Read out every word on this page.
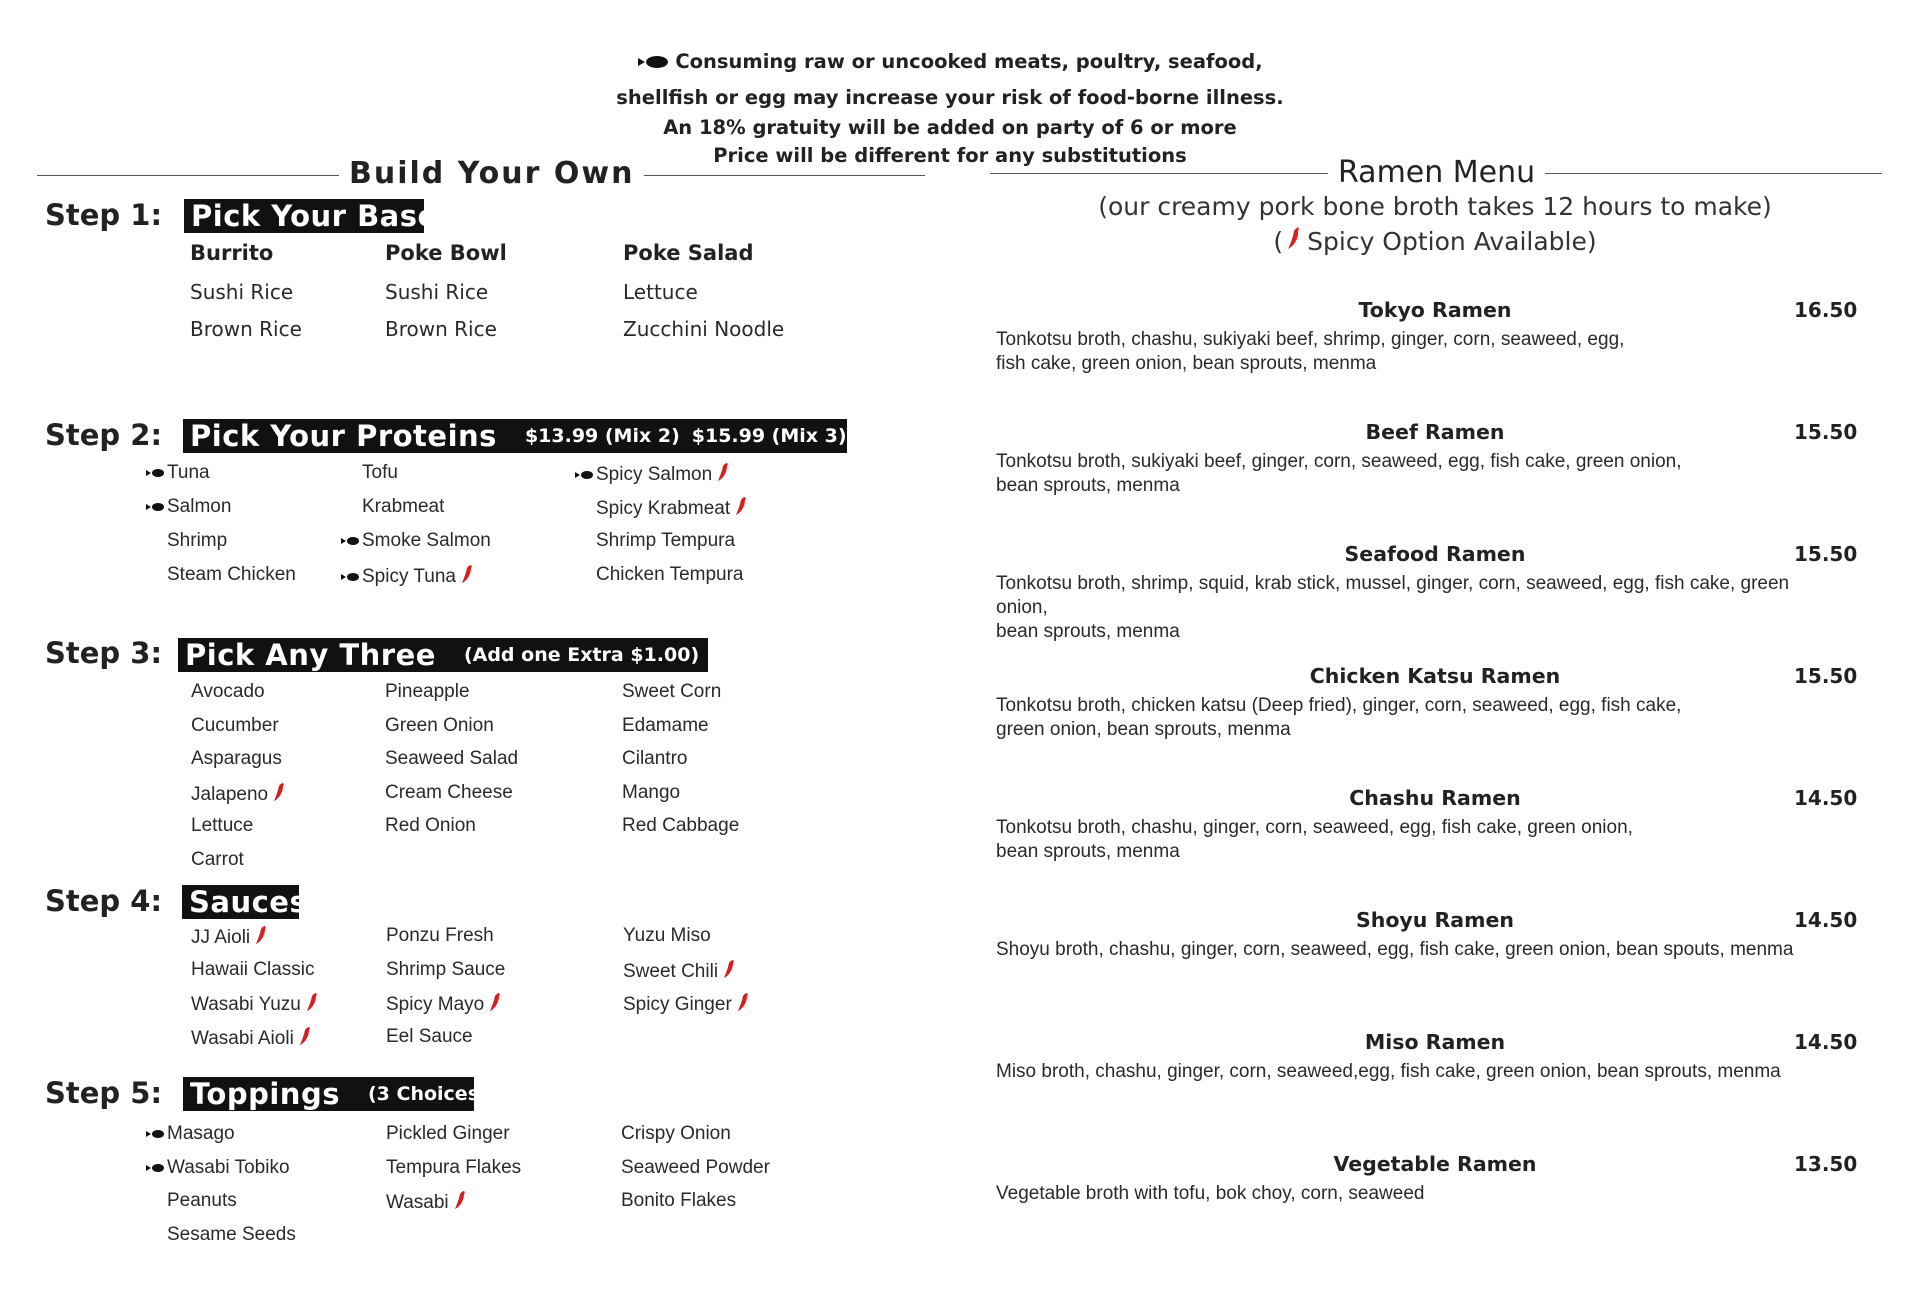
Consuming raw or uncooked meats, poultry, seafood,
shellfish or egg may increase your risk of food-borne illness.
An 18% gratuity will be added on party of 6 or more
Price will be different for any substitutions
Build Your Own	Ramen Menu
Step 1: Pick Your Base
Burrito
Sushi Rice
Brown Rice
Poke Bowl
Sushi Rice
Brown Rice
Poke Salad
Lettuce
Zucchini Noodle
Step 2: Pick Your Proteins $13.99 (Mix 2) $15.99 (Mix 3)
Tuna
Salmon
Shrimp
Steam Chicken
Tofu
Krabmeat
Smoke Salmon
Spicy Tuna
Spicy Salmon
Spicy Krabmeat
Shrimp Tempura
Chicken Tempura
Step 3: Pick Any Three (Add one Extra $1.00)
Avocado
Cucumber
Asparagus
Jalapeno
Lettuce
Carrot
Pineapple
Green Onion
Seaweed Salad
Cream Cheese
Red Onion
Sweet Corn
Edamame
Cilantro
Mango
Red Cabbage
Step 4: Sauces
JJ Aioli
Hawaii Classic
Wasabi Yuzu
Wasabi Aioli
Ponzu Fresh
Shrimp Sauce
Spicy Mayo
Eel Sauce
Yuzu Miso
Sweet Chili
Spicy Ginger
Step 5: Toppings (3 Choices)
Masago
Wasabi Tobiko
Peanuts
Sesame Seeds
Pickled Ginger
Tempura Flakes
Wasabi
Crispy Onion
Seaweed Powder
Bonito Flakes
(our creamy pork bone broth takes 12 hours to make)
( Spicy Option Available)
Tokyo Ramen	16.50
Tonkotsu broth, chashu, sukiyaki beef, shrimp, ginger, corn, seaweed, egg,
fish cake, green onion, bean sprouts, menma
Beef Ramen	15.50
Tonkotsu broth, sukiyaki beef, ginger, corn, seaweed, egg, fish cake, green onion,
bean sprouts, menma
Seafood Ramen	15.50
Tonkotsu broth, shrimp, squid, krab stick, mussel, ginger, corn, seaweed, egg, fish cake, green onion,
bean sprouts, menma
Chicken Katsu Ramen	15.50
Tonkotsu broth, chicken katsu (Deep fried), ginger, corn, seaweed, egg, fish cake,
green onion, bean sprouts, menma
Chashu Ramen	14.50
Tonkotsu broth, chashu, ginger, corn, seaweed, egg, fish cake, green onion,
bean sprouts, menma
Shoyu Ramen	14.50
Shoyu broth, chashu, ginger, corn, seaweed, egg, fish cake, green onion, bean spouts, menma
Miso Ramen	14.50
Miso broth, chashu, ginger, corn, seaweed,egg, fish cake, green onion, bean sprouts, menma
Vegetable Ramen	13.50
Vegetable broth with tofu, bok choy, corn, seaweed
